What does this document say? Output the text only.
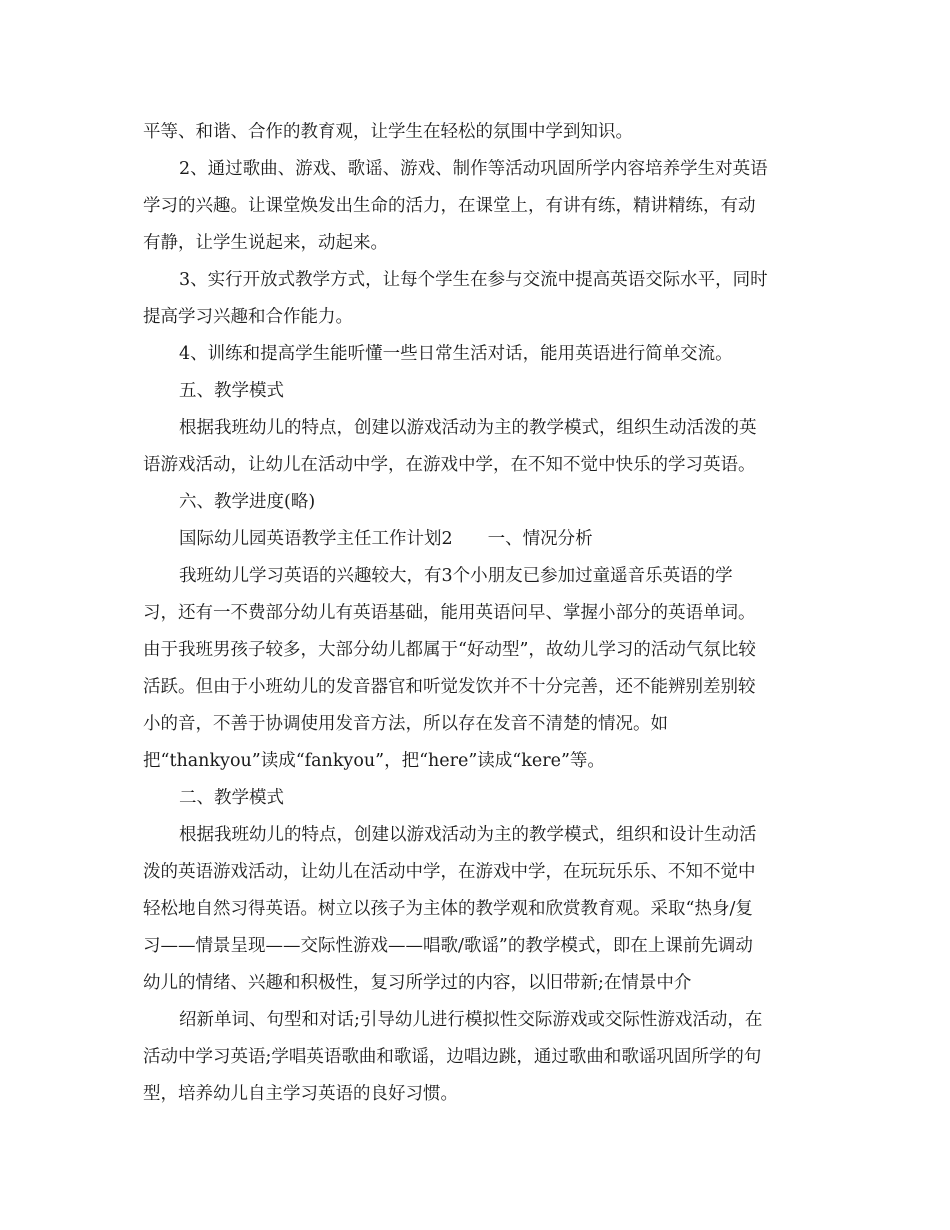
平等、和谐、合作的教育观，让学生在轻松的氛围中学到知识。
2、通过歌曲、游戏、歌谣、游戏、制作等活动巩固所学内容培养学生对英语
学习的兴趣。让课堂焕发出生命的活力，在课堂上，有讲有练，精讲精练，有动
有静，让学生说起来，动起来。
3、实行开放式教学方式，让每个学生在参与交流中提高英语交际水平，同时
提高学习兴趣和合作能力。
4、训练和提高学生能听懂一些日常生活对话，能用英语进行简单交流。
五、教学模式
根据我班幼儿的特点，创建以游戏活动为主的教学模式，组织生动活泼的英
语游戏活动，让幼儿在活动中学，在游戏中学，在不知不觉中快乐的学习英语。
六、教学进度(略)
国际幼儿园英语教学主任工作计划2　　一、情况分析
我班幼儿学习英语的兴趣较大，有3个小朋友已参加过童遥音乐英语的学
习，还有一不费部分幼儿有英语基础，能用英语问早、掌握小部分的英语单词。
由于我班男孩子较多，大部分幼儿都属于“好动型”，故幼儿学习的活动气氛比较
活跃。但由于小班幼儿的发音器官和听觉发饮并不十分完善，还不能辨别差别较
小的音，不善于协调使用发音方法，所以存在发音不清楚的情况。如
把“thankyou”读成“fankyou”，把“here”读成“kere”等。
二、教学模式
根据我班幼儿的特点，创建以游戏活动为主的教学模式，组织和设计生动活
泼的英语游戏活动，让幼儿在活动中学，在游戏中学，在玩玩乐乐、不知不觉中
轻松地自然习得英语。树立以孩子为主体的教学观和欣赏教育观。采取“热身/复
习——情景呈现——交际性游戏——唱歌/歌谣”的教学模式，即在上课前先调动
幼儿的情绪、兴趣和积极性，复习所学过的内容，以旧带新;在情景中介
绍新单词、句型和对话;引导幼儿进行模拟性交际游戏或交际性游戏活动，在
活动中学习英语;学唱英语歌曲和歌谣，边唱边跳，通过歌曲和歌谣巩固所学的句
型，培养幼儿自主学习英语的良好习惯。
